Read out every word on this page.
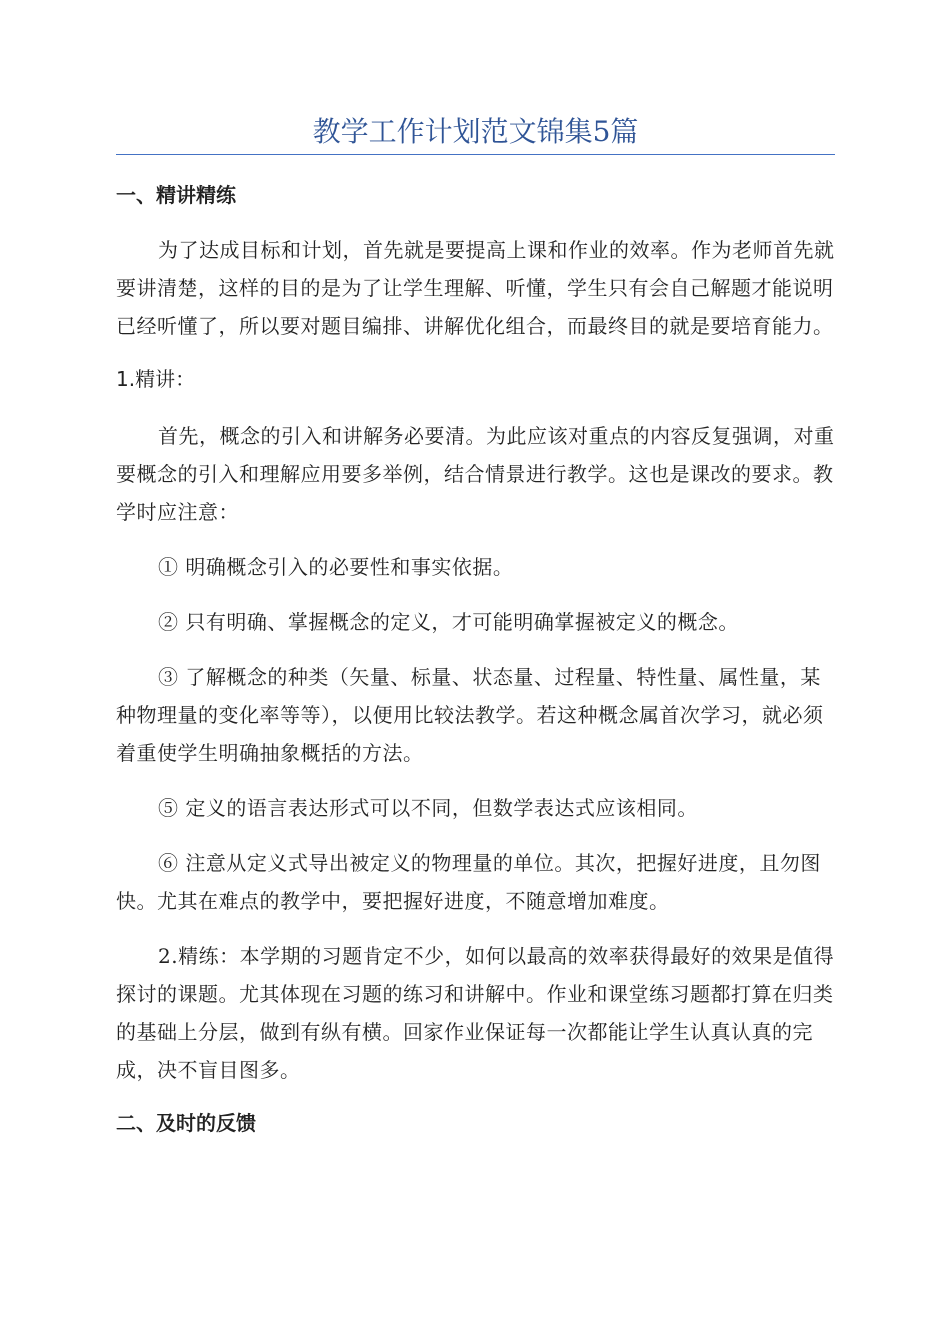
教学工作计划范文锦集5篇
一、精讲精练

为了达成目标和计划，首先就是要提高上课和作业的效率。作为老师首先就要讲清楚，这样的目的是为了让学生理解、听懂，学生只有会自己解题才能说明已经听懂了，所以要对题目编排、讲解优化组合，而最终目的就是要培育能力。

1.精讲：

首先，概念的引入和讲解务必要清。为此应该对重点的内容反复强调，对重要概念的引入和理解应用要多举例，结合情景进行教学。这也是课改的要求。教学时应注意：

① 明确概念引入的必要性和事实依据。

② 只有明确、掌握概念的定义，才可能明确掌握被定义的概念。

③ 了解概念的种类（矢量、标量、状态量、过程量、特性量、属性量，某种物理量的变化率等等），以便用比较法教学。若这种概念属首次学习，就必须着重使学生明确抽象概括的方法。

⑤ 定义的语言表达形式可以不同，但数学表达式应该相同。

⑥ 注意从定义式导出被定义的物理量的单位。其次，把握好进度，且勿图快。尤其在难点的教学中，要把握好进度，不随意增加难度。

2.精练：本学期的习题肯定不少，如何以最高的效率获得最好的效果是值得探讨的课题。尤其体现在习题的练习和讲解中。作业和课堂练习题都打算在归类的基础上分层，做到有纵有横。回家作业保证每一次都能让学生认真认真的完成，决不盲目图多。

二、及时的反馈
